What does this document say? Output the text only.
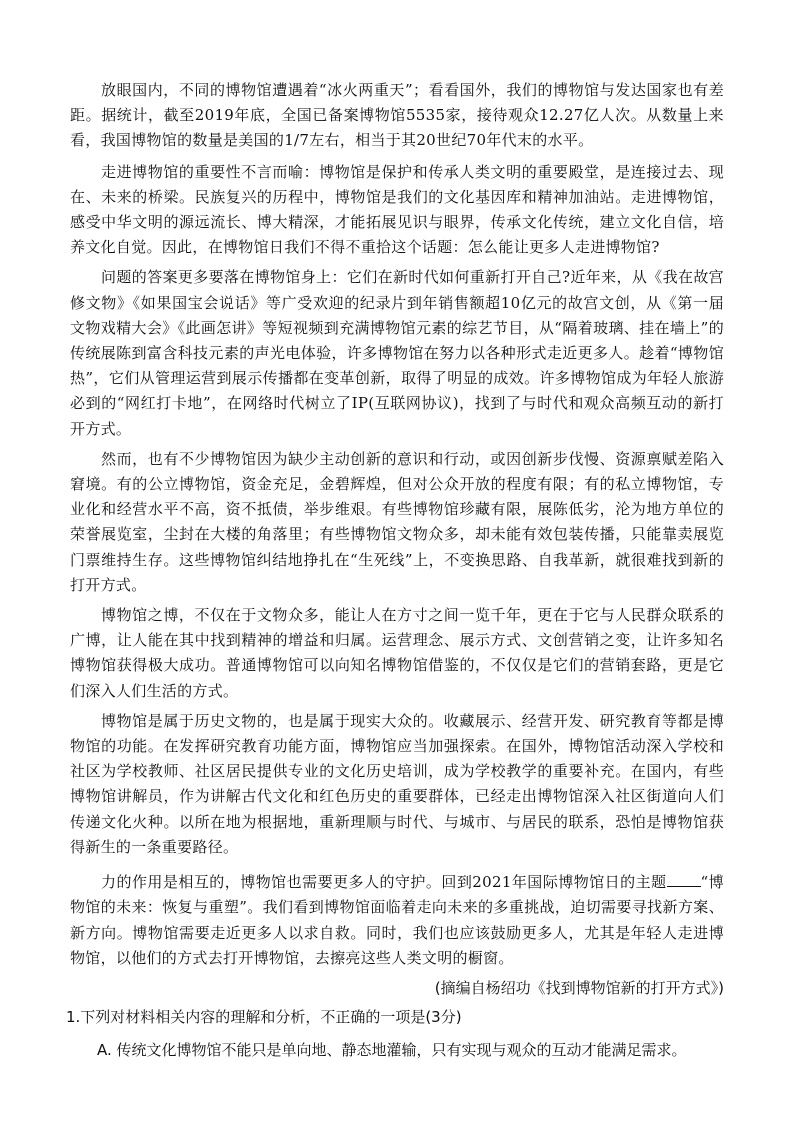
放眼国内，不同的博物馆遭遇着“冰火两重天”；看看国外，我们的博物馆与发达国家也有差距。据统计，截至2019年底，全国已备案博物馆5535家，接待观众12.27亿人次。从数量上来看，我国博物馆的数量是美国的1/7左右，相当于其20世纪70年代末的水平。

走进博物馆的重要性不言而喻：博物馆是保护和传承人类文明的重要殿堂，是连接过去、现在、未来的桥梁。民族复兴的历程中，博物馆是我们的文化基因库和精神加油站。走进博物馆，感受中华文明的源远流长、博大精深，才能拓展见识与眼界，传承文化传统，建立文化自信，培养文化自觉。因此，在博物馆日我们不得不重拾这个话题：怎么能让更多人走进博物馆?

问题的答案更多要落在博物馆身上：它们在新时代如何重新打开自己?近年来，从《我在故宫修文物》《如果国宝会说话》等广受欢迎的纪录片到年销售额超10亿元的故宫文创，从《第一届文物戏精大会》《此画怎讲》等短视频到充满博物馆元素的综艺节目，从“隔着玻璃、挂在墙上”的传统展陈到富含科技元素的声光电体验，许多博物馆在努力以各种形式走近更多人。趁着“博物馆热”，它们从管理运营到展示传播都在变革创新，取得了明显的成效。许多博物馆成为年轻人旅游必到的“网红打卡地”，在网络时代树立了IP(互联网协议)，找到了与时代和观众高频互动的新打开方式。

然而，也有不少博物馆因为缺少主动创新的意识和行动，或因创新步伐慢、资源禀赋差陷入窘境。有的公立博物馆，资金充足，金碧辉煌，但对公众开放的程度有限；有的私立博物馆，专业化和经营水平不高，资不抵债，举步维艰。有些博物馆珍藏有限，展陈低劣，沦为地方单位的荣誉展览室，尘封在大楼的角落里；有些博物馆文物众多，却未能有效包装传播，只能靠卖展览门票维持生存。这些博物馆纠结地挣扎在“生死线”上，不变换思路、自我革新，就很难找到新的打开方式。

博物馆之博，不仅在于文物众多，能让人在方寸之间一览千年，更在于它与人民群众联系的广博，让人能在其中找到精神的增益和归属。运营理念、展示方式、文创营销之变，让许多知名博物馆获得极大成功。普通博物馆可以向知名博物馆借鉴的，不仅仅是它们的营销套路，更是它们深入人们生活的方式。

博物馆是属于历史文物的，也是属于现实大众的。收藏展示、经营开发、研究教育等都是博物馆的功能。在发挥研究教育功能方面，博物馆应当加强探索。在国外，博物馆活动深入学校和社区为学校教师、社区居民提供专业的文化历史培训，成为学校教学的重要补充。在国内，有些博物馆讲解员，作为讲解古代文化和红色历史的重要群体，已经走出博物馆深入社区街道向人们传递文化火种。以所在地为根据地，重新理顺与时代、与城市、与居民的联系，恐怕是博物馆获得新生的一条重要路径。

力的作用是相互的，博物馆也需要更多人的守护。回到2021年国际博物馆日的主题 “博物馆的未来：恢复与重塑”。我们看到博物馆面临着走向未来的多重挑战，迫切需要寻找新方案、新方向。博物馆需要走近更多人以求自救。同时，我们也应该鼓励更多人，尤其是年轻人走进博物馆，以他们的方式去打开博物馆，去擦亮这些人类文明的橱窗。

(摘编自杨绍功《找到博物馆新的打开方式》)

1.下列对材料相关内容的理解和分析，不正确的一项是(3分)

A. 传统文化博物馆不能只是单向地、静态地灌输，只有实现与观众的互动才能满足需求。
